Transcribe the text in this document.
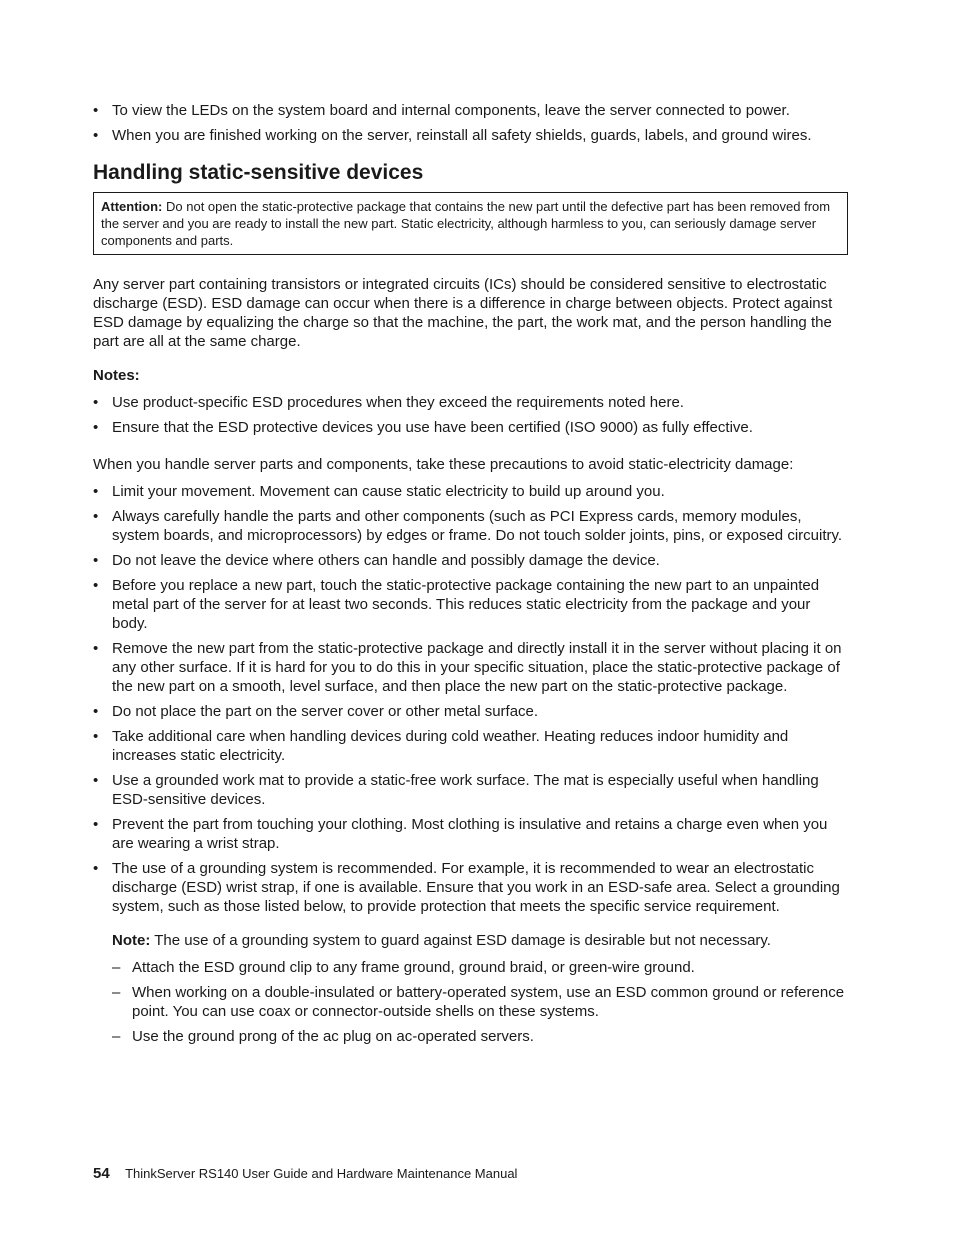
• To view the LEDs on the system board and internal components, leave the server connected to power.
• When you are finished working on the server, reinstall all safety shields, guards, labels, and ground wires.
Handling static-sensitive devices
Attention: Do not open the static-protective package that contains the new part until the defective part has been removed from the server and you are ready to install the new part. Static electricity, although harmless to you, can seriously damage server components and parts.

Any server part containing transistors or integrated circuits (ICs) should be considered sensitive to electrostatic discharge (ESD). ESD damage can occur when there is a difference in charge between objects. Protect against ESD damage by equalizing the charge so that the machine, the part, the work mat, and the person handling the part are all at the same charge.

Notes:
• Use product-specific ESD procedures when they exceed the requirements noted here.
• Ensure that the ESD protective devices you use have been certified (ISO 9000) as fully effective.

When you handle server parts and components, take these precautions to avoid static-electricity damage:

• Limit your movement. Movement can cause static electricity to build up around you.
• Always carefully handle the parts and other components (such as PCI Express cards, memory modules, system boards, and microprocessors) by edges or frame. Do not touch solder joints, pins, or exposed circuitry.
• Do not leave the device where others can handle and possibly damage the device.
• Before you replace a new part, touch the static-protective package containing the new part to an unpainted metal part of the server for at least two seconds. This reduces static electricity from the package and your body.
• Remove the new part from the static-protective package and directly install it in the server without placing it on any other surface. If it is hard for you to do this in your specific situation, place the static-protective package of the new part on a smooth, level surface, and then place the new part on the static-protective package.
• Do not place the part on the server cover or other metal surface.
• Take additional care when handling devices during cold weather. Heating reduces indoor humidity and increases static electricity.
• Use a grounded work mat to provide a static-free work surface. The mat is especially useful when handling ESD-sensitive devices.
• Prevent the part from touching your clothing. Most clothing is insulative and retains a charge even when you are wearing a wrist strap.
• The use of a grounding system is recommended. For example, it is recommended to wear an electrostatic discharge (ESD) wrist strap, if one is available. Ensure that you work in an ESD-safe area. Select a grounding system, such as those listed below, to provide protection that meets the specific service requirement.
Note: The use of a grounding system to guard against ESD damage is desirable but not necessary.
– Attach the ESD ground clip to any frame ground, ground braid, or green-wire ground.
– When working on a double-insulated or battery-operated system, use an ESD common ground or reference point. You can use coax or connector-outside shells on these systems.
– Use the ground prong of the ac plug on ac-operated servers.
54 ThinkServer RS140 User Guide and Hardware Maintenance Manual
